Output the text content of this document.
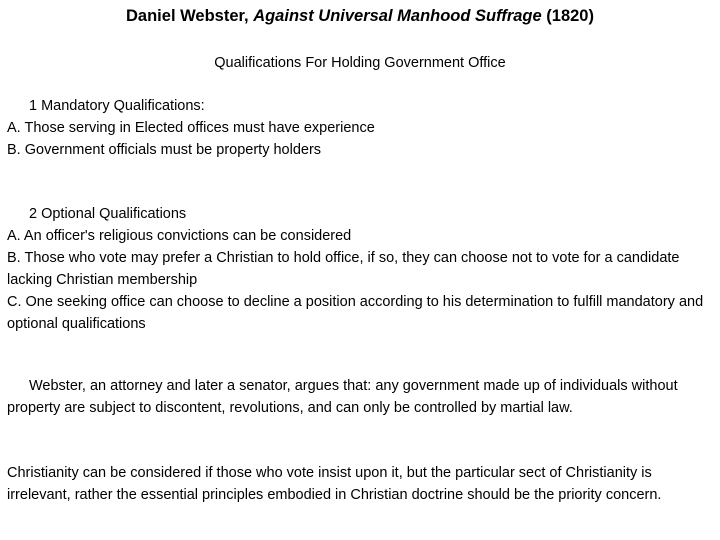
Daniel Webster, Against Universal Manhood Suffrage (1820)
Qualifications For Holding Government Office
1 Mandatory Qualifications:
A. Those serving in Elected offices must have experience
B. Government officials must be property holders
2 Optional Qualifications
A. An officer's religious convictions can be considered
B. Those who vote may prefer a Christian to hold office, if so, they can choose not to vote for a candidate lacking Christian membership
C. One seeking office can choose to decline a position according to his determination to fulfill mandatory and optional qualifications
Webster, an attorney and later a senator, argues that: any government made up of individuals without property are subject to discontent, revolutions, and can only be controlled by martial law.
Christianity can be considered if those who vote insist upon it, but the particular sect of Christianity is irrelevant, rather the essential principles embodied in Christian doctrine should be the priority concern.
